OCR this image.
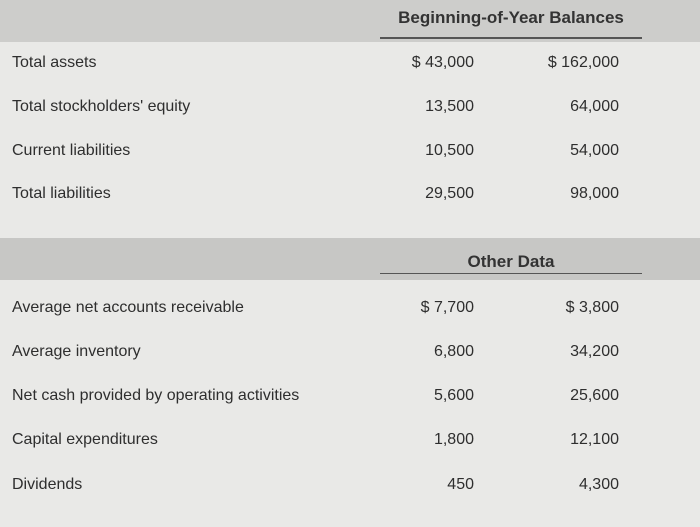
Beginning-of-Year Balances
Total assets	$ 43,000	$ 162,000
Total stockholders' equity	13,500	64,000
Current liabilities	10,500	54,000
Total liabilities	29,500	98,000
Other Data
Average net accounts receivable	$ 7,700	$ 3,800
Average inventory	6,800	34,200
Net cash provided by operating activities	5,600	25,600
Capital expenditures	1,800	12,100
Dividends	450	4,300
